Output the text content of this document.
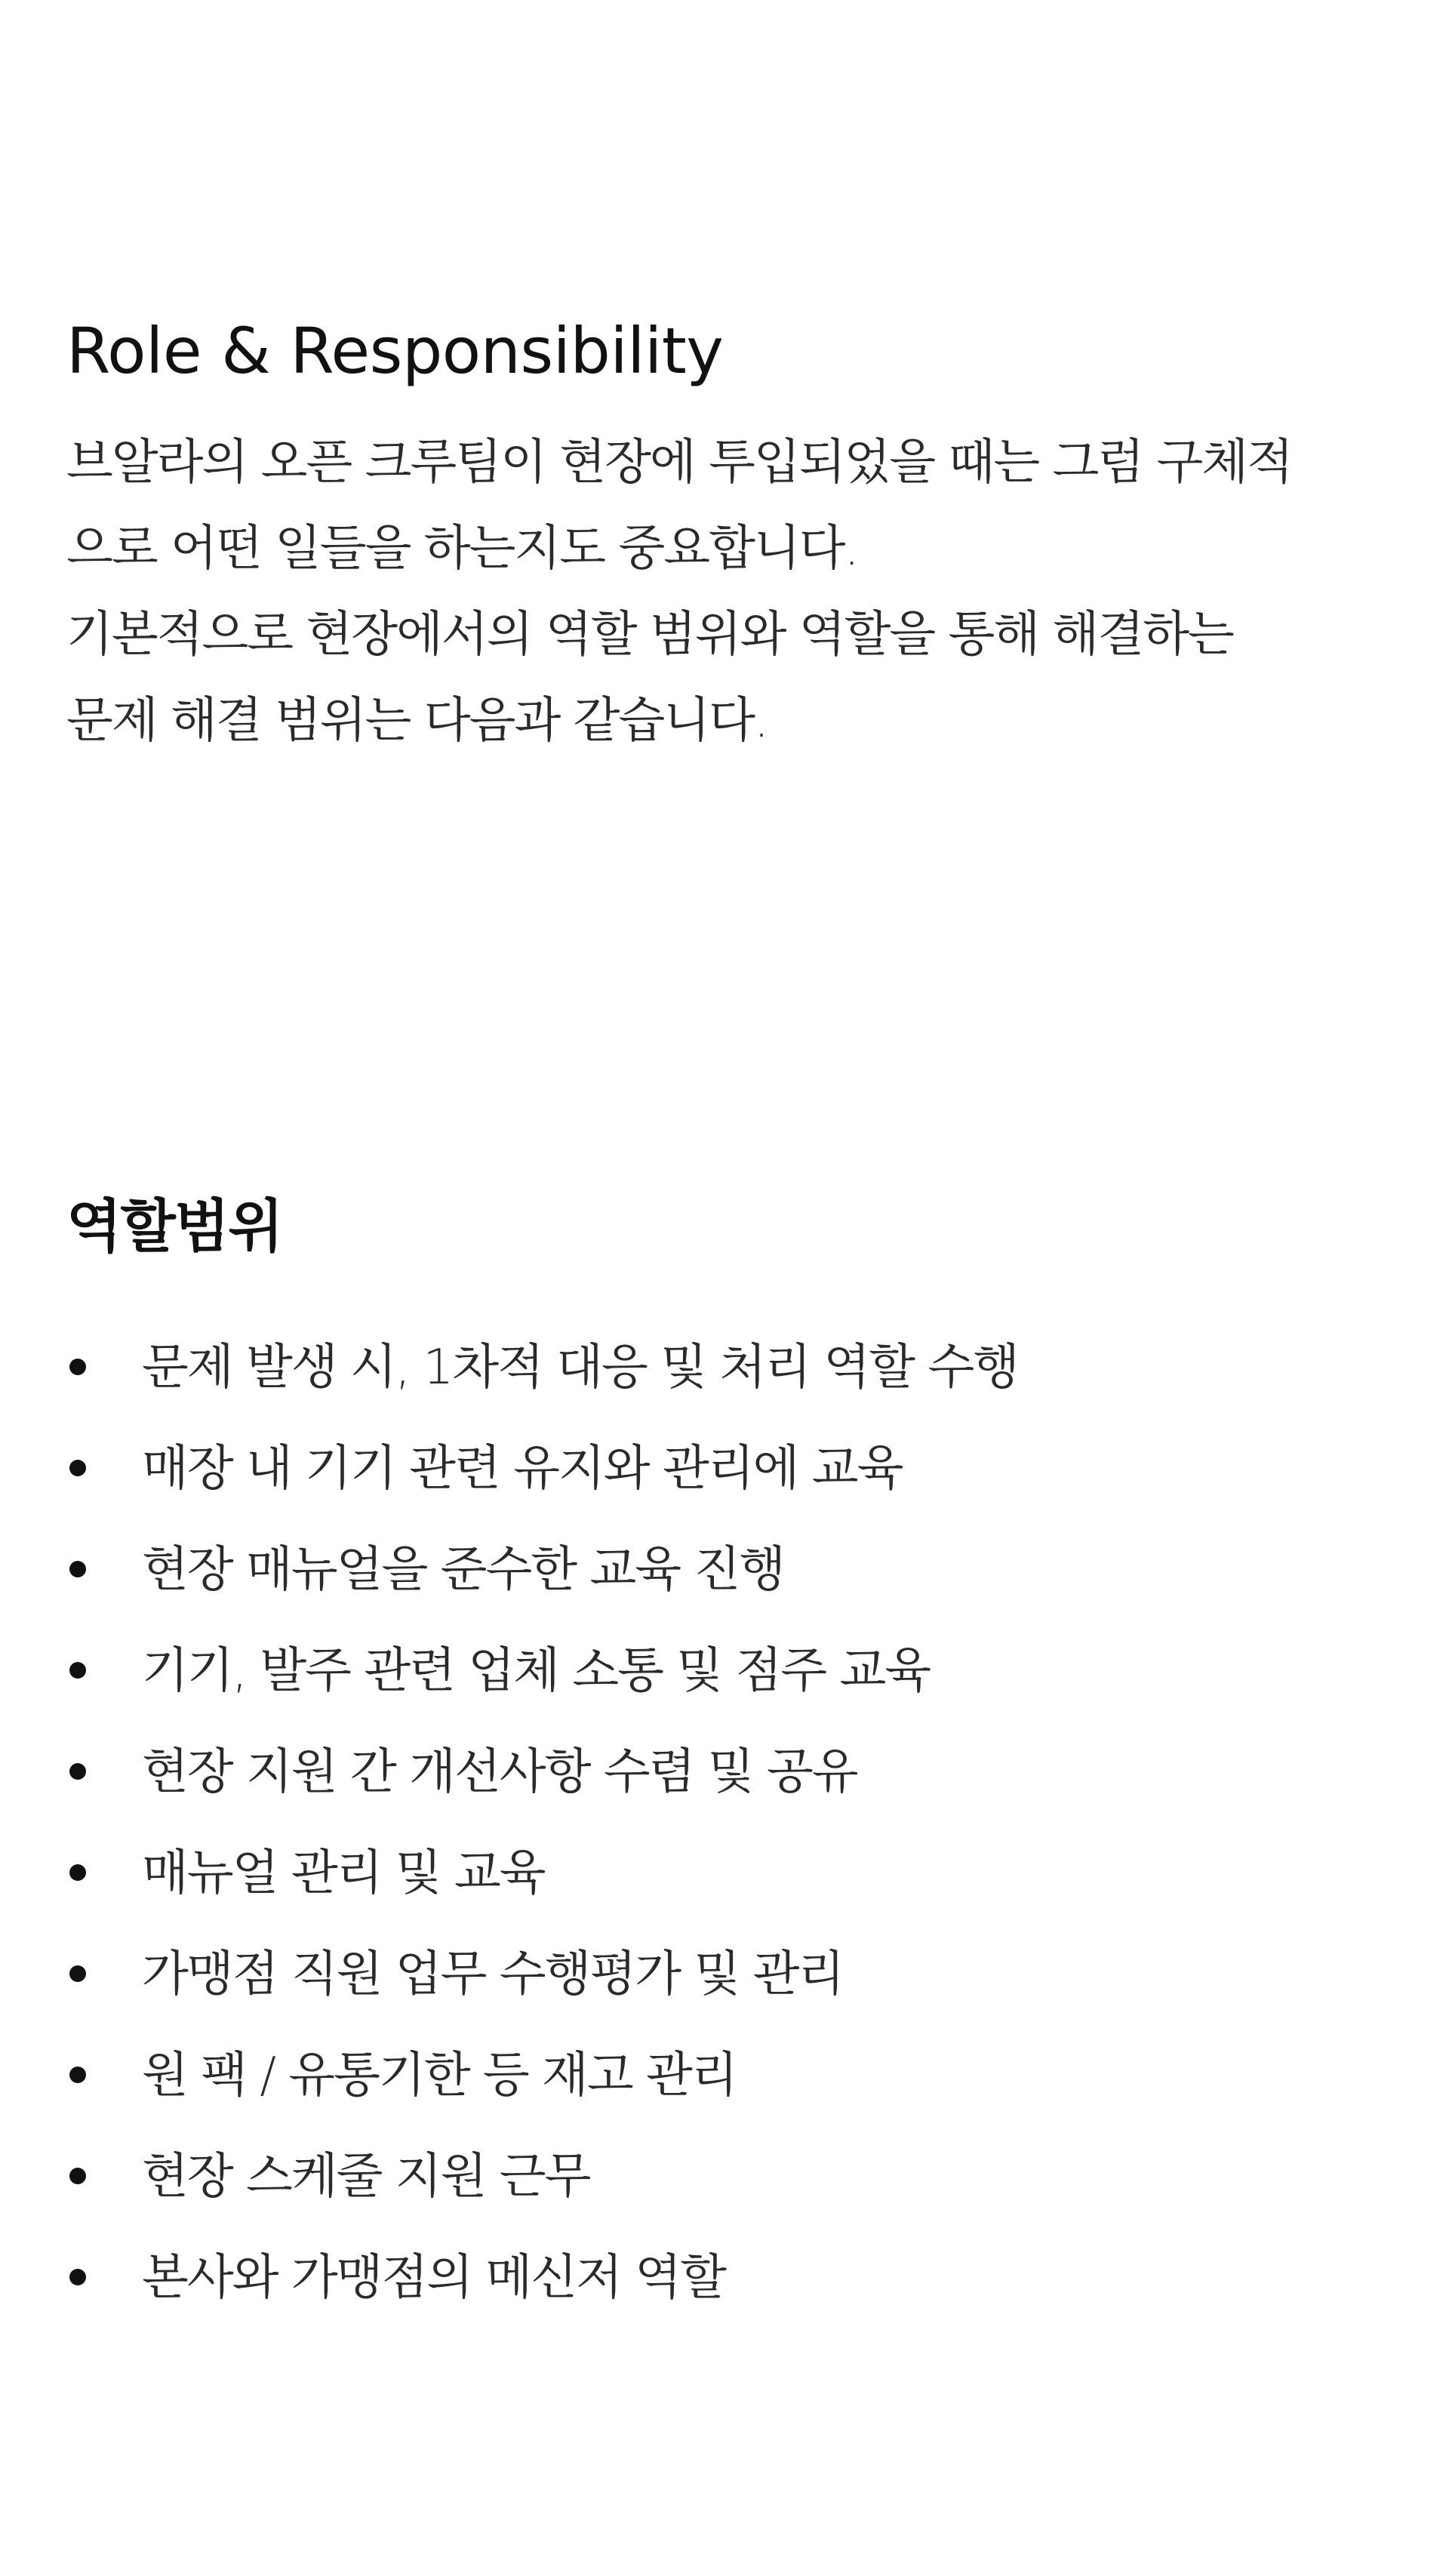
Role & Responsibility

브알라의 오픈 크루팀이 현장에 투입되었을 때는 그럼 구체적
으로 어떤 일들을 하는지도 중요합니다.
기본적으로 현장에서의 역할 범위와 역할을 통해 해결하는
문제 해결 범위는 다음과 같습니다.

역할범위
문제 발생 시, 1차적 대응 및 처리 역할 수행
매장 내 기기 관련 유지와 관리에 교육
현장 매뉴얼을 준수한 교육 진행
기기, 발주 관련 업체 소통 및 점주 교육
현장 지원 간 개선사항 수렴 및 공유
매뉴얼 관리 및 교육
가맹점 직원 업무 수행평가 및 관리
원 팩 / 유통기한 등 재고 관리
현장 스케줄 지원 근무
본사와 가맹점의 메신저 역할
